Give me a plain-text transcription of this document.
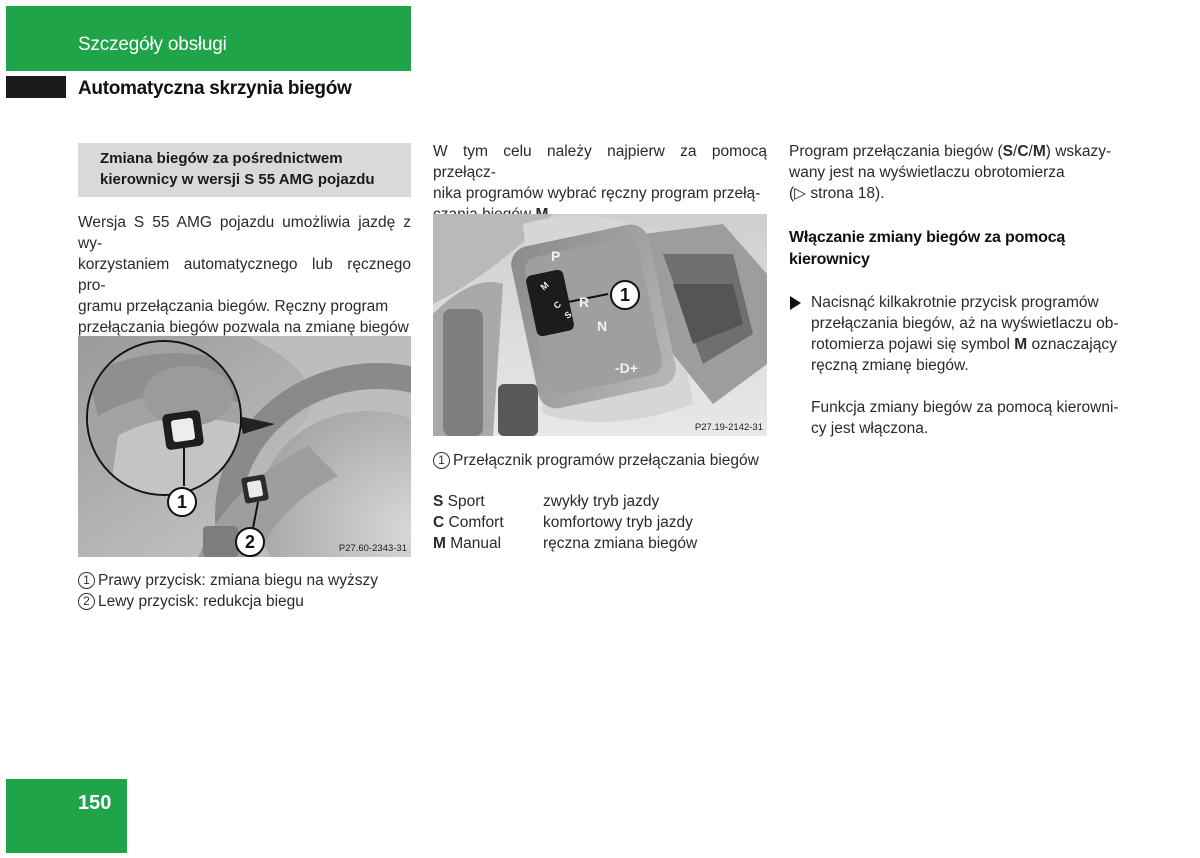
Szczegóły obsługi
Automatyczna skrzynia biegów
Zmiana biegów za pośrednictwem
kierownicy w wersji S 55 AMG pojazdu
Wersja S 55 AMG pojazdu umożliwia jazdę z wy-
korzystaniem automatycznego lub ręcznego pro-
gramu przełączania biegów. Ręczny program
przełączania biegów pozwala na zmianę biegów
1
2	P27.60-2343-31
1 Prawy przycisk: zmiana biegu na wyższy
2 Lewy przycisk: redukcja biegu
W tym celu należy najpierw za pomocą przełącz-
nika programów wybrać ręczny program przełą-
P
R
N
-D+
M
C
S
1
P27.19-2142-31
1 Przełącznik programów przełączania biegów
S Sport	zwykły tryb jazdy
C Comfort	komfortowy tryb jazdy
M Manual	ręczna zmiana biegów
Program przełączania biegów (S/C/M) wskazy-
wany jest na wyświetlaczu obrotomierza
(▷ strona 18).
Włączanie zmiany biegów za pomocą
kierownicy
Nacisnąć kilkakrotnie przycisk programów
przełączania biegów, aż na wyświetlaczu ob-
rotomierza pojawi się symbol M oznaczający
ręczną zmianę biegów.
Funkcja zmiany biegów za pomocą kierowni-
cy jest włączona.
150
